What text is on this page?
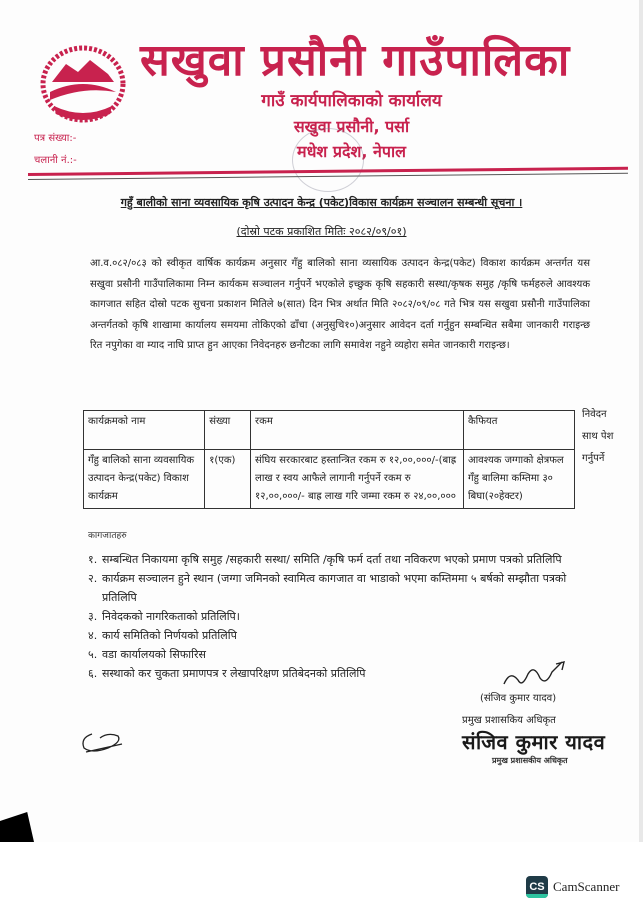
सखुवा प्रसौनी गाउँपालिका
गाउँ कार्यपालिकाको कार्यालय
सखुवा प्रसौनी, पर्सा
मधेश प्रदेश, नेपाल
पत्र संख्या:-
चलानी नं.:-
गहुँ बालीको साना व्यवसायिक कृषि उत्पादन केन्द्र (पकेट)विकास कार्यक्रम सञ्चालन सम्बन्धी सूचना ।
(दोस्रो पटक प्रकाशित मितिः २०८२/०९/०१)
आ.व.०८२/०८३ को स्वीकृत वार्षिक कार्यक्रम अनुसार गँहु बालिको साना व्यसायिक उत्पादन केन्द्र(पकेट) विकाश कार्यक्रम अन्तर्गत यस सखुवा प्रसौनी गाउँपालिकामा निम्न कार्यकम सञ्चालन गर्नुपर्ने भएकोले इच्छुक कृषि सहकारी सस्था/कृषक समुह /कृषि फर्महरुले आवश्यक कागजात सहित दोस्रो पटक सुचना प्रकाशन मितिले ७(सात) दिन भित्र अर्थात मिति २०८२/०९/०८ गते भित्र यस सखुवा प्रसौनी गाउँपालिका अन्तर्गतको कृषि शाखामा कार्यालय समयमा तोकिएको ढाँचा (अनुसुचि१०)अनुसार आवेदन दर्ता गर्नुहुन सम्बन्धित सबैमा जानकारी गराइन्छ रित नपुगेका वा म्याद नाघि प्राप्त हुन आएका निवेदनहरु छनौटका लागि समावेश नहुने व्यहोरा समेत जानकारी गराइन्छ।
कार्यक्रमको नाम	संख्या	रकम	कैफियत
गँहु बालिको साना व्यवसायिक उत्पादन केन्द्र(पकेट) विकाश कार्यक्रम	१(एक)	संघिय सरकारबाट हस्तान्त्रित रकम रु १२,००,०००/-(बाह्र लाख र स्वय आफैले लागानी गर्नुपर्ने रकम रु १२,००,०००/- बाह्र लाख गरि जम्मा रकम रु २४,००,०००	आवश्यक जग्गाको क्षेत्रफल गँहु बालिमा कम्तिमा ३० बिघा(२०हेक्टर)
निवेदन साथ पेश गर्नुपर्ने
कागजातहरु
१. सम्बन्धित निकायमा कृषि समुह /सहकारी सस्था/ समिति /कृषि फर्म दर्ता तथा नविकरण भएको प्रमाण पत्रको प्रतिलिपि
२. कार्यक्रम सञ्चालन हुने स्थान (जग्गा जमिनको स्वामित्व कागजात वा भाडाको भएमा कम्तिममा ५ बर्षको सम्झौता पत्रको प्रतिलिपि
३. निवेदकको नागरिकताको प्रतिलिपि।
४. कार्य समितिको निर्णयको प्रतिलिपि
५. वडा कार्यालयको सिफारिस
६. सस्थाको कर चुकता प्रमाणपत्र र लेखापरिक्षण प्रतिबेदनको प्रतिलिपि
(संजिव कुमार यादव)
प्रमुख प्रशासकिय अधिकृत
संजिव कुमार यादव
प्रमुख प्रशासकीय अधिकृत
CS CamScanner
